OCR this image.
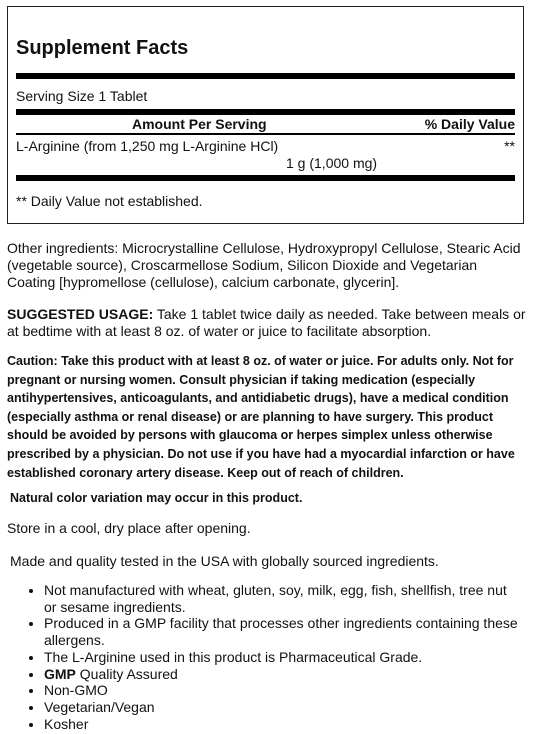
Supplement Facts
Serving Size 1 Tablet
Amount Per Serving	% Daily Value
L-Arginine (from 1,250 mg L-Arginine HCl)
1 g (1,000 mg)
**
** Daily Value not established.
Other ingredients: Microcrystalline Cellulose, Hydroxypropyl Cellulose, Stearic Acid (vegetable source), Croscarmellose Sodium, Silicon Dioxide and Vegetarian Coating [hypromellose (cellulose), calcium carbonate, glycerin].
SUGGESTED USAGE: Take 1 tablet twice daily as needed. Take between meals or at bedtime with at least 8 oz. of water or juice to facilitate absorption.
Caution: Take this product with at least 8 oz. of water or juice. For adults only. Not for pregnant or nursing women. Consult physician if taking medication (especially antihypertensives, anticoagulants, and antidiabetic drugs), have a medical condition (especially asthma or renal disease) or are planning to have surgery. This product should be avoided by persons with glaucoma or herpes simplex unless otherwise prescribed by a physician. Do not use if you have had a myocardial infarction or have established coronary artery disease. Keep out of reach of children.
Natural color variation may occur in this product.
Store in a cool, dry place after opening.
Made and quality tested in the USA with globally sourced ingredients.
• Not manufactured with wheat, gluten, soy, milk, egg, fish, shellfish, tree nut or sesame ingredients.
• Produced in a GMP facility that processes other ingredients containing these allergens.
• The L-Arginine used in this product is Pharmaceutical Grade.
• GMP Quality Assured
• Non-GMO
• Vegetarian/Vegan
• Kosher
